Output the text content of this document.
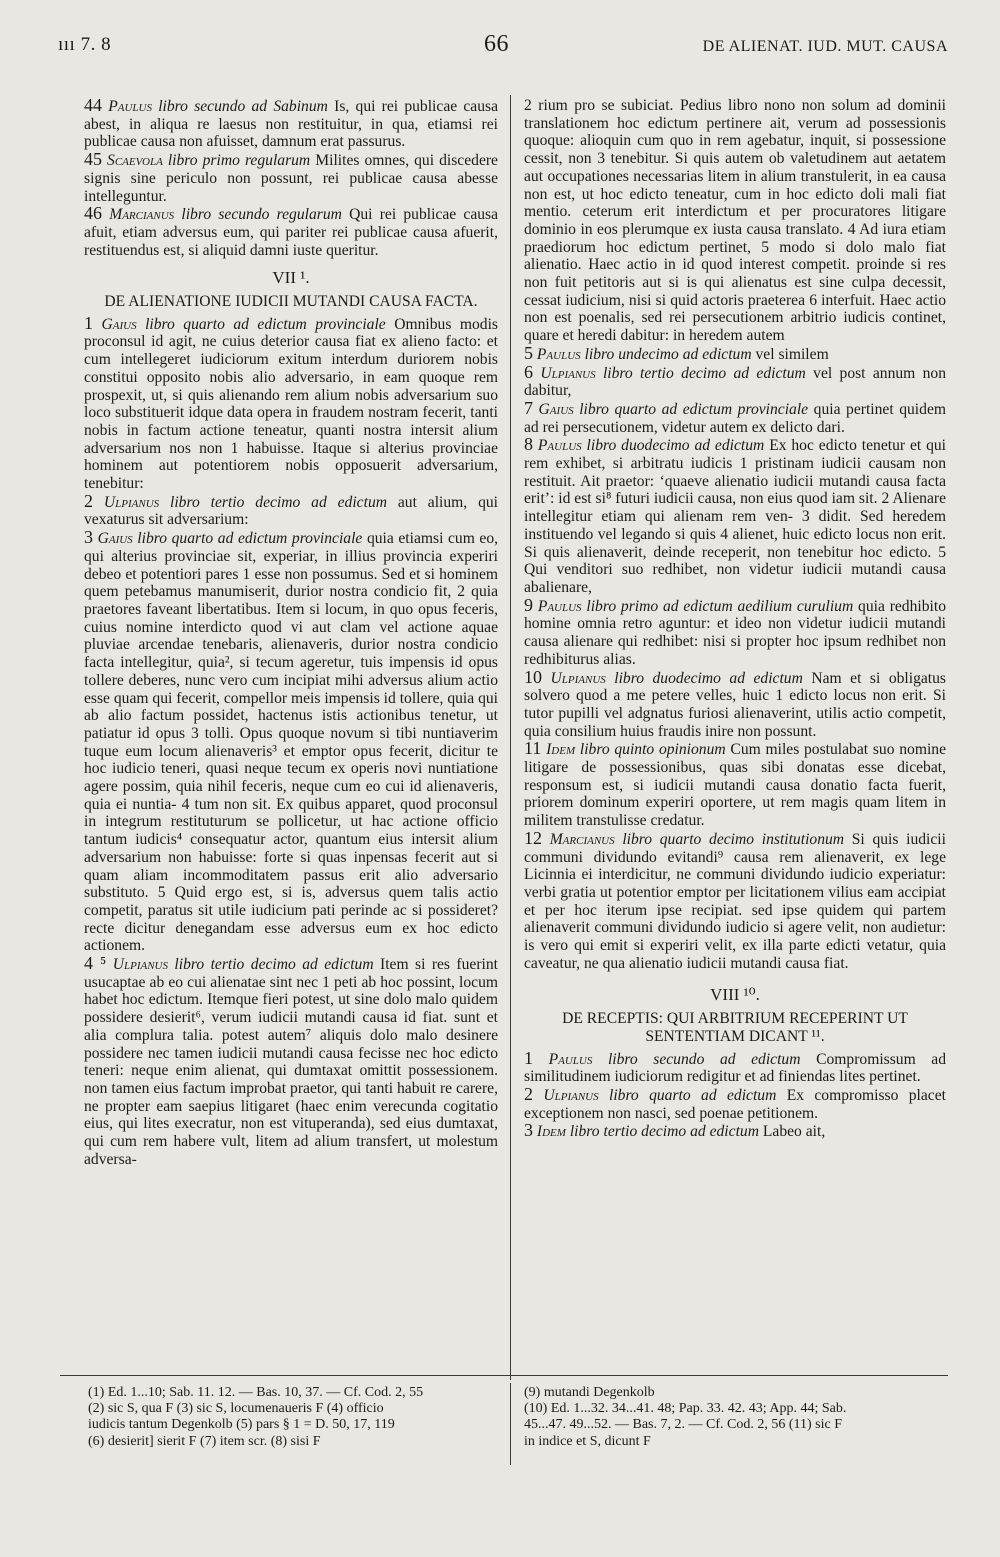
ııı 7. 8	66	DE ALIENAT. IUD. MUT. CAUSA

44 Paulus libro secundo ad Sabinum Is, qui rei publicae causa abest, in aliqua re laesus non restituitur, in qua, etiamsi rei publicae causa non afuisset, damnum erat passurus.

45 Scaevola libro primo regularum Milites omnes, qui discedere signis sine periculo non possunt, rei publicae causa abesse intelleguntur.

46 Marcianus libro secundo regularum Qui rei publicae causa afuit, etiam adversus eum, qui pariter rei publicae causa afuerit, restituendus est, si aliquid damni iuste queritur.

VII ¹.

DE ALIENATIONE IUDICII MUTANDI CAUSA FACTA.

1 Gaius libro quarto ad edictum provinciale Omnibus modis proconsul id agit, ne cuius deterior causa fiat ex alieno facto: et cum intellegeret iudiciorum exitum interdum duriorem nobis constitui opposito nobis alio adversario, in eam quoque rem prospexit, ut, si quis alienando rem alium nobis adversarium suo loco substituerit idque data opera in fraudem nostram fecerit, tanti nobis in factum actione teneatur, quanti nostra intersit alium adversarium nos non 1 habuisse. Itaque si alterius provinciae hominem aut potentiorem nobis opposuerit adversarium, tenebitur:

2 Ulpianus libro tertio decimo ad edictum aut alium, qui vexaturus sit adversarium:

3 Gaius libro quarto ad edictum provinciale quia etiamsi cum eo, qui alterius provinciae sit, experiar, in illius provincia experiri debeo et potentiori pares 1 esse non possumus. Sed et si hominem quem petebamus manumiserit, durior nostra condicio fit, 2 quia praetores faveant libertatibus. Item si locum, in quo opus feceris, cuius nomine interdicto quod vi aut clam vel actione aquae pluviae arcendae tenebaris, alienaveris, durior nostra condicio facta intellegitur, quia², si tecum ageretur, tuis impensis id opus tollere deberes, nunc vero cum incipiat mihi adversus alium actio esse quam qui fecerit, compellor meis impensis id tollere, quia qui ab alio factum possidet, hactenus istis actionibus tenetur, ut patiatur id opus 3 tolli. Opus quoque novum si tibi nuntiaverim tuque eum locum alienaveris³ et emptor opus fecerit, dicitur te hoc iudicio teneri, quasi neque tecum ex operis novi nuntiatione agere possim, quia nihil feceris, neque cum eo cui id alienaveris, quia ei nuntia- 4 tum non sit. Ex quibus apparet, quod proconsul in integrum restituturum se pollicetur, ut hac actione officio tantum iudicis⁴ consequatur actor, quantum eius intersit alium adversarium non habuisse: forte si quas inpensas fecerit aut si quam aliam incommoditatem passus erit alio adversario substituto. 5 Quid ergo est, si is, adversus quem talis actio competit, paratus sit utile iudicium pati perinde ac si possideret? recte dicitur denegandam esse adversus eum ex hoc edicto actionem.

4 ⁵ Ulpianus libro tertio decimo ad edictum Item si res fuerint usucaptae ab eo cui alienatae sint nec 1 peti ab hoc possint, locum habet hoc edictum. Itemque fieri potest, ut sine dolo malo quidem possidere desierit⁶, verum iudicii mutandi causa id fiat. sunt et alia complura talia. potest autem⁷ aliquis dolo malo desinere possidere nec tamen iudicii mutandi causa fecisse nec hoc edicto teneri: neque enim alienat, qui dumtaxat omittit possessionem. non tamen eius factum improbat praetor, qui tanti habuit re carere, ne propter eam saepius litigaret (haec enim verecunda cogitatio eius, qui lites execratur, non est vituperanda), sed eius dumtaxat, qui cum rem habere vult, litem ad alium transfert, ut molestum adversa-

2 rium pro se subiciat. Pedius libro nono non solum ad dominii translationem hoc edictum pertinere ait, verum ad possessionis quoque: alioquin cum quo in rem agebatur, inquit, si possessione cessit, non 3 tenebitur. Si quis autem ob valetudinem aut aetatem aut occupationes necessarias litem in alium transtulerit, in ea causa non est, ut hoc edicto teneatur, cum in hoc edicto doli mali fiat mentio. ceterum erit interdictum et per procuratores litigare dominio in eos plerumque ex iusta causa translato. 4 Ad iura etiam praediorum hoc edictum pertinet, 5 modo si dolo malo fiat alienatio. Haec actio in id quod interest competit. proinde si res non fuit petitoris aut si is qui alienatus est sine culpa decessit, cessat iudicium, nisi si quid actoris praeterea 6 interfuit. Haec actio non est poenalis, sed rei persecutionem arbitrio iudicis continet, quare et heredi dabitur: in heredem autem

5 Paulus libro undecimo ad edictum vel similem

6 Ulpianus libro tertio decimo ad edictum vel post annum non dabitur,

7 Gaius libro quarto ad edictum provinciale quia pertinet quidem ad rei persecutionem, videtur autem ex delicto dari.

8 Paulus libro duodecimo ad edictum Ex hoc edicto tenetur et qui rem exhibet, si arbitratu iudicis 1 pristinam iudicii causam non restituit. Ait praetor: ‘quaeve alienatio iudicii mutandi causa facta erit’: id est si⁸ futuri iudicii causa, non eius quod iam sit. 2 Alienare intellegitur etiam qui alienam rem ven- 3 didit. Sed heredem instituendo vel legando si quis 4 alienet, huic edicto locus non erit. Si quis alienaverit, deinde receperit, non tenebitur hoc edicto. 5 Qui venditori suo redhibet, non videtur iudicii mutandi causa abalienare,

9 Paulus libro primo ad edictum aedilium curulium quia redhibito homine omnia retro aguntur: et ideo non videtur iudicii mutandi causa alienare qui redhibet: nisi si propter hoc ipsum redhibet non redhibiturus alias.

10 Ulpianus libro duodecimo ad edictum Nam et si obligatus solvero quod a me petere velles, huic 1 edicto locus non erit. Si tutor pupilli vel adgnatus furiosi alienaverint, utilis actio competit, quia consilium huius fraudis inire non possunt.

11 Idem libro quinto opinionum Cum miles postulabat suo nomine litigare de possessionibus, quas sibi donatas esse dicebat, responsum est, si iudicii mutandi causa donatio facta fuerit, priorem dominum experiri oportere, ut rem magis quam litem in militem transtulisse credatur.

12 Marcianus libro quarto decimo institutionum Si quis iudicii communi dividundo evitandi⁹ causa rem alienaverit, ex lege Licinnia ei interdicitur, ne communi dividundo iudicio experiatur: verbi gratia ut potentior emptor per licitationem vilius eam accipiat et per hoc iterum ipse recipiat. sed ipse quidem qui partem alienaverit communi dividundo iudicio si agere velit, non audietur: is vero qui emit si experiri velit, ex illa parte edicti vetatur, quia caveatur, ne qua alienatio iudicii mutandi causa fiat.

VIII ¹⁰.

DE RECEPTIS: QUI ARBITRIUM RECEPERINT UT SENTENTIAM DICANT ¹¹.

1 Paulus libro secundo ad edictum Compromissum ad similitudinem iudiciorum redigitur et ad finiendas lites pertinet.

2 Ulpianus libro quarto ad edictum Ex compromisso placet exceptionem non nasci, sed poenae petitionem.

3 Idem libro tertio decimo ad edictum Labeo ait,

(1) Ed. 1...10; Sab. 11. 12. — Bas. 10, 37. — Cf. Cod. 2, 55

(2) sic S, qua F (3) sic S, locumenaueris F (4) officio

iudicis tantum Degenkolb (5) pars § 1 = D. 50, 17, 119

(6) desierit] sierit F (7) item scr. (8) sisi F

(9) mutandi Degenkolb

(10) Ed. 1...32. 34...41. 48; Pap. 33. 42. 43; App. 44; Sab.

45...47. 49...52. — Bas. 7, 2. — Cf. Cod. 2, 56 (11) sic F

in indice et S, dicunt F
